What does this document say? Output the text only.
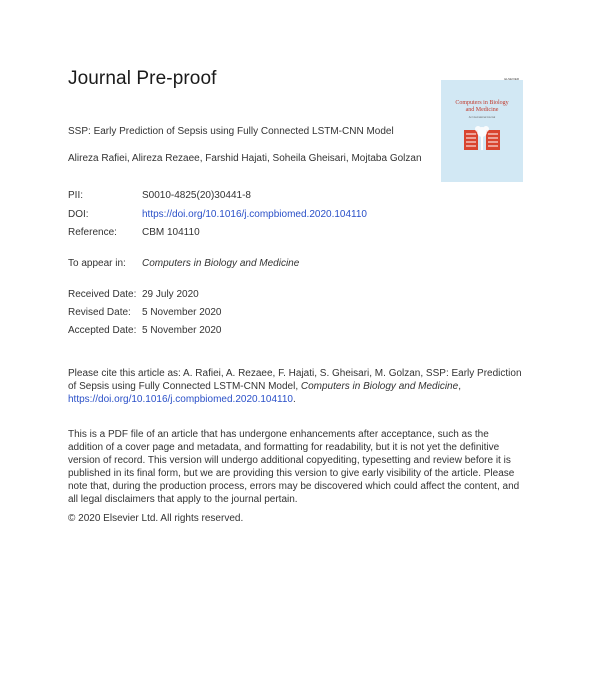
Journal Pre-proof	ELSEVIER
Computers in Biology
and Medicine
An International Journal
SSP: Early Prediction of Sepsis using Fully Connected LSTM-CNN Model
Alireza Rafiei, Alireza Rezaee, Farshid Hajati, Soheila Gheisari, Mojtaba Golzan
PII:	S0010-4825(20)30441-8
DOI:	https://doi.org/10.1016/j.compbiomed.2020.104110
Reference:	CBM 104110
To appear in: Computers in Biology and Medicine
Received Date: 29 July 2020
Revised Date: 5 November 2020
Accepted Date: 5 November 2020
Please cite this article as: A. Rafiei, A. Rezaee, F. Hajati, S. Gheisari, M. Golzan, SSP: Early Prediction of Sepsis using Fully Connected LSTM-CNN Model, Computers in Biology and Medicine, https://doi.org/10.1016/j.compbiomed.2020.104110.
This is a PDF file of an article that has undergone enhancements after acceptance, such as the addition of a cover page and metadata, and formatting for readability, but it is not yet the definitive version of record. This version will undergo additional copyediting, typesetting and review before it is published in its final form, but we are providing this version to give early visibility of the article. Please note that, during the production process, errors may be discovered which could affect the content, and all legal disclaimers that apply to the journal pertain.
© 2020 Elsevier Ltd. All rights reserved.
